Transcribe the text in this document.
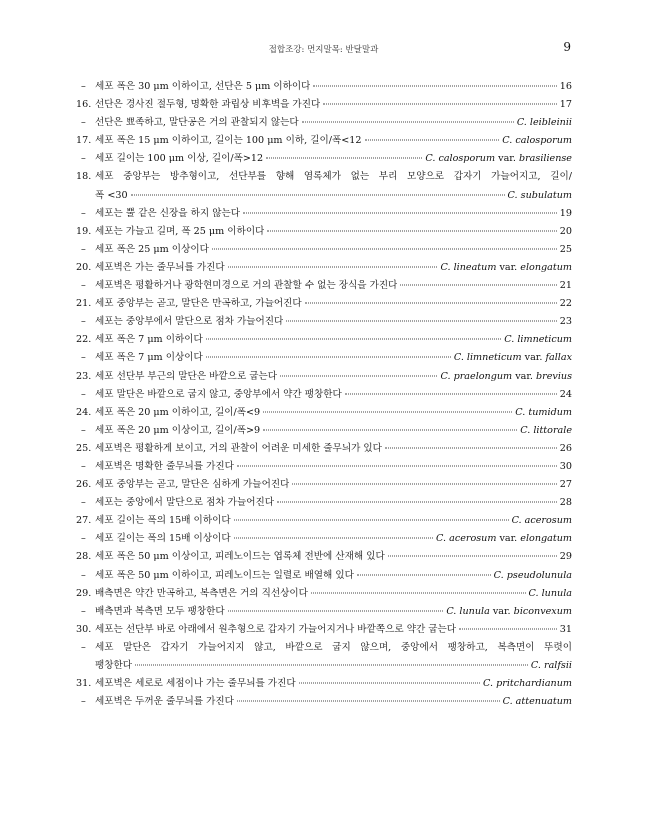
접합조강: 먼지말목: 반달말과	9
– 세포 폭은 30 μm 이하이고, 선단은 5 μm 이하이다	16
16. 선단은 경사진 절두형, 명확한 과립상 비후벽을 가진다	17
– 선단은 뾰족하고, 말단공은 거의 관찰되지 않는다	C. leibleinii
17. 세포 폭은 15 μm 이하이고, 길이는 100 μm 이하, 길이/폭<12	C. calosporum
– 세포 길이는 100 μm 이상, 길이/폭>12	C. calosporum var. brasiliense
18. 세포 중앙부는 방추형이고, 선단부를 향해 염록체가 없는 부리 모양으로 갑자기 가늘어지고, 길이/
폭 <30	C. subulatum
– 세포는 뿔 같은 신장을 하지 않는다	19
19. 세포는 가늘고 길며, 폭 25 μm 이하이다	20
– 세포 폭은 25 μm 이상이다	25
20. 세포벽은 가는 줄무늬를 가진다	C. lineatum var. elongatum
– 세포벽은 평활하거나 광학현미경으로 거의 관찰할 수 없는 장식을 가진다	21
21. 세포 중앙부는 곧고, 말단은 만곡하고, 가늘어진다	22
– 세포는 중앙부에서 말단으로 점차 가늘어진다	23
22. 세포 폭은 7 μm 이하이다	C. limneticum
– 세포 폭은 7 μm 이상이다	C. limneticum var. fallax
23. 세포 선단부 부근의 말단은 바깥으로 굽는다	C. praelongum var. brevius
– 세포 말단은 바깥으로 굽지 않고, 중앙부에서 약간 팽창한다	24
24. 세포 폭은 20 μm 이하이고, 길이/폭<9	C. tumidum
– 세포 폭은 20 μm 이상이고, 길이/폭>9	C. littorale
25. 세포벽은 평활하게 보이고, 거의 관찰이 어려운 미세한 줄무늬가 있다	26
– 세포벽은 명확한 줄무늬를 가진다	30
26. 세포 중앙부는 곧고, 말단은 심하게 가늘어진다	27
– 세포는 중앙에서 말단으로 점차 가늘어진다	28
27. 세포 길이는 폭의 15배 이하이다	C. acerosum
– 세포 길이는 폭의 15배 이상이다	C. acerosum var. elongatum
28. 세포 폭은 50 μm 이상이고, 피레노이드는 엽록체 전반에 산재해 있다	29
– 세포 폭은 50 μm 이하이고, 피레노이드는 일렬로 배열해 있다	C. pseudolunula
29. 배측면은 약간 만곡하고, 복측면은 거의 직선상이다	C. lunula
– 배측면과 복측면 모두 팽창한다	C. lunula var. biconvexum
30. 세포는 선단부 바로 아래에서 원추형으로 갑자기 가늘어지거나 바깥쪽으로 약간 굽는다	31
– 세포 말단은 갑자기 가늘어지지 않고, 바깥으로 굽지 않으며, 중앙에서 팽창하고, 복측면이 뚜렷이
팽창한다	C. ralfsii
31. 세포벽은 세로로 세점이나 가는 줄무늬를 가진다	C. pritchardianum
– 세포벽은 두꺼운 줄무늬를 가진다	C. attenuatum
